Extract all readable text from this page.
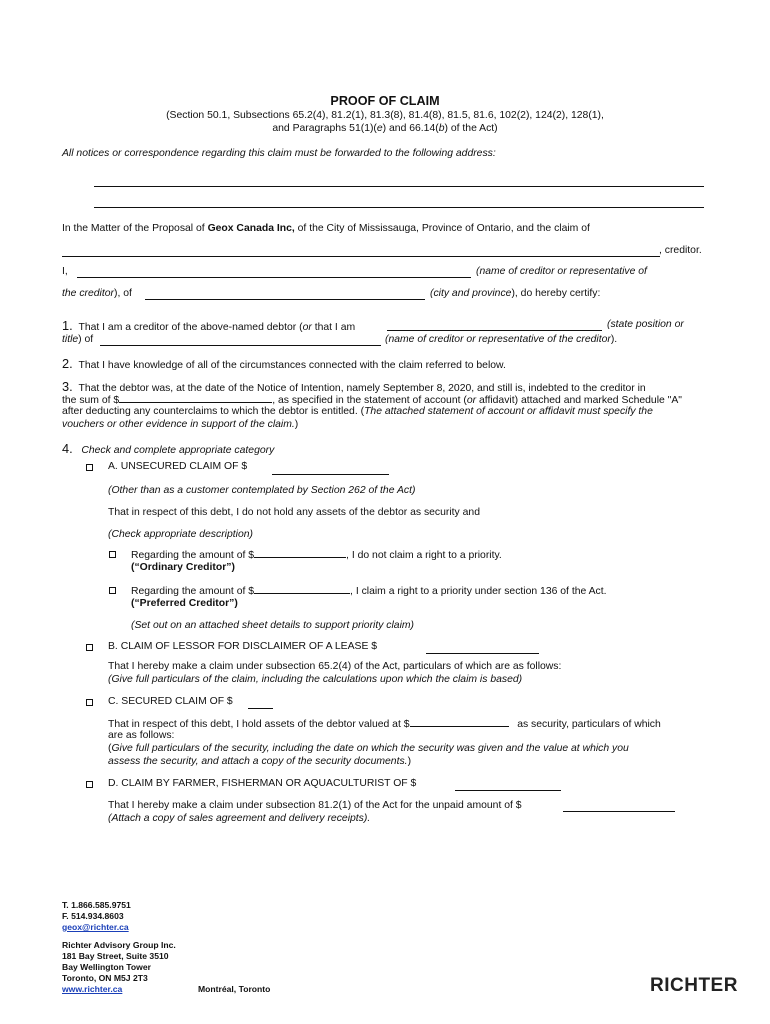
PROOF OF CLAIM
(Section 50.1, Subsections 65.2(4), 81.2(1), 81.3(8), 81.4(8), 81.5, 81.6, 102(2), 124(2), 128(1),
and Paragraphs 51(1)(e) and 66.14(b) of the Act)
All notices or correspondence regarding this claim must be forwarded to the following address:
In the Matter of the Proposal of Geox Canada Inc, of the City of Mississauga, Province of Ontario, and the claim of
, creditor.
I,	(name of creditor or representative of
the creditor), of	(city and province), do hereby certify:
1. That I am a creditor of the above-named debtor (or that I am	(state position or
title) of	(name of creditor or representative of the creditor).
2. That I have knowledge of all of the circumstances connected with the claim referred to below.
3. That the debtor was, at the date of the Notice of Intention, namely September 8, 2020, and still is, indebted to the creditor in
the sum of $	, as specified in the statement of account (or affidavit) attached and marked Schedule "A"
after deducting any counterclaims to which the debtor is entitled. (The attached statement of account or affidavit must specify the
vouchers or other evidence in support of the claim.)
4. Check and complete appropriate category
A. UNSECURED CLAIM OF $
(Other than as a customer contemplated by Section 262 of the Act)
That in respect of this debt, I do not hold any assets of the debtor as security and
(Check appropriate description)
Regarding the amount of $	, I do not claim a right to a priority.
(“Ordinary Creditor”)
Regarding the amount of $	, I claim a right to a priority under section 136 of the Act.
(“Preferred Creditor”)
(Set out on an attached sheet details to support priority claim)
B. CLAIM OF LESSOR FOR DISCLAIMER OF A LEASE $
That I hereby make a claim under subsection 65.2(4) of the Act, particulars of which are as follows:
(Give full particulars of the claim, including the calculations upon which the claim is based)
C. SECURED CLAIM OF $
That in respect of this debt, I hold assets of the debtor valued at $	as security, particulars of which
are as follows:
(Give full particulars of the security, including the date on which the security was given and the value at which you
assess the security, and attach a copy of the security documents.)
D. CLAIM BY FARMER, FISHERMAN OR AQUACULTURIST OF $
That I hereby make a claim under subsection 81.2(1) of the Act for the unpaid amount of $
(Attach a copy of sales agreement and delivery receipts).
T. 1.866.585.9751
F. 514.934.8603
geox@richter.ca
Richter Advisory Group Inc.
181 Bay Street, Suite 3510
Bay Wellington Tower
Toronto, ON M5J 2T3
www.richter.ca	Montréal, Toronto	RICHTER
